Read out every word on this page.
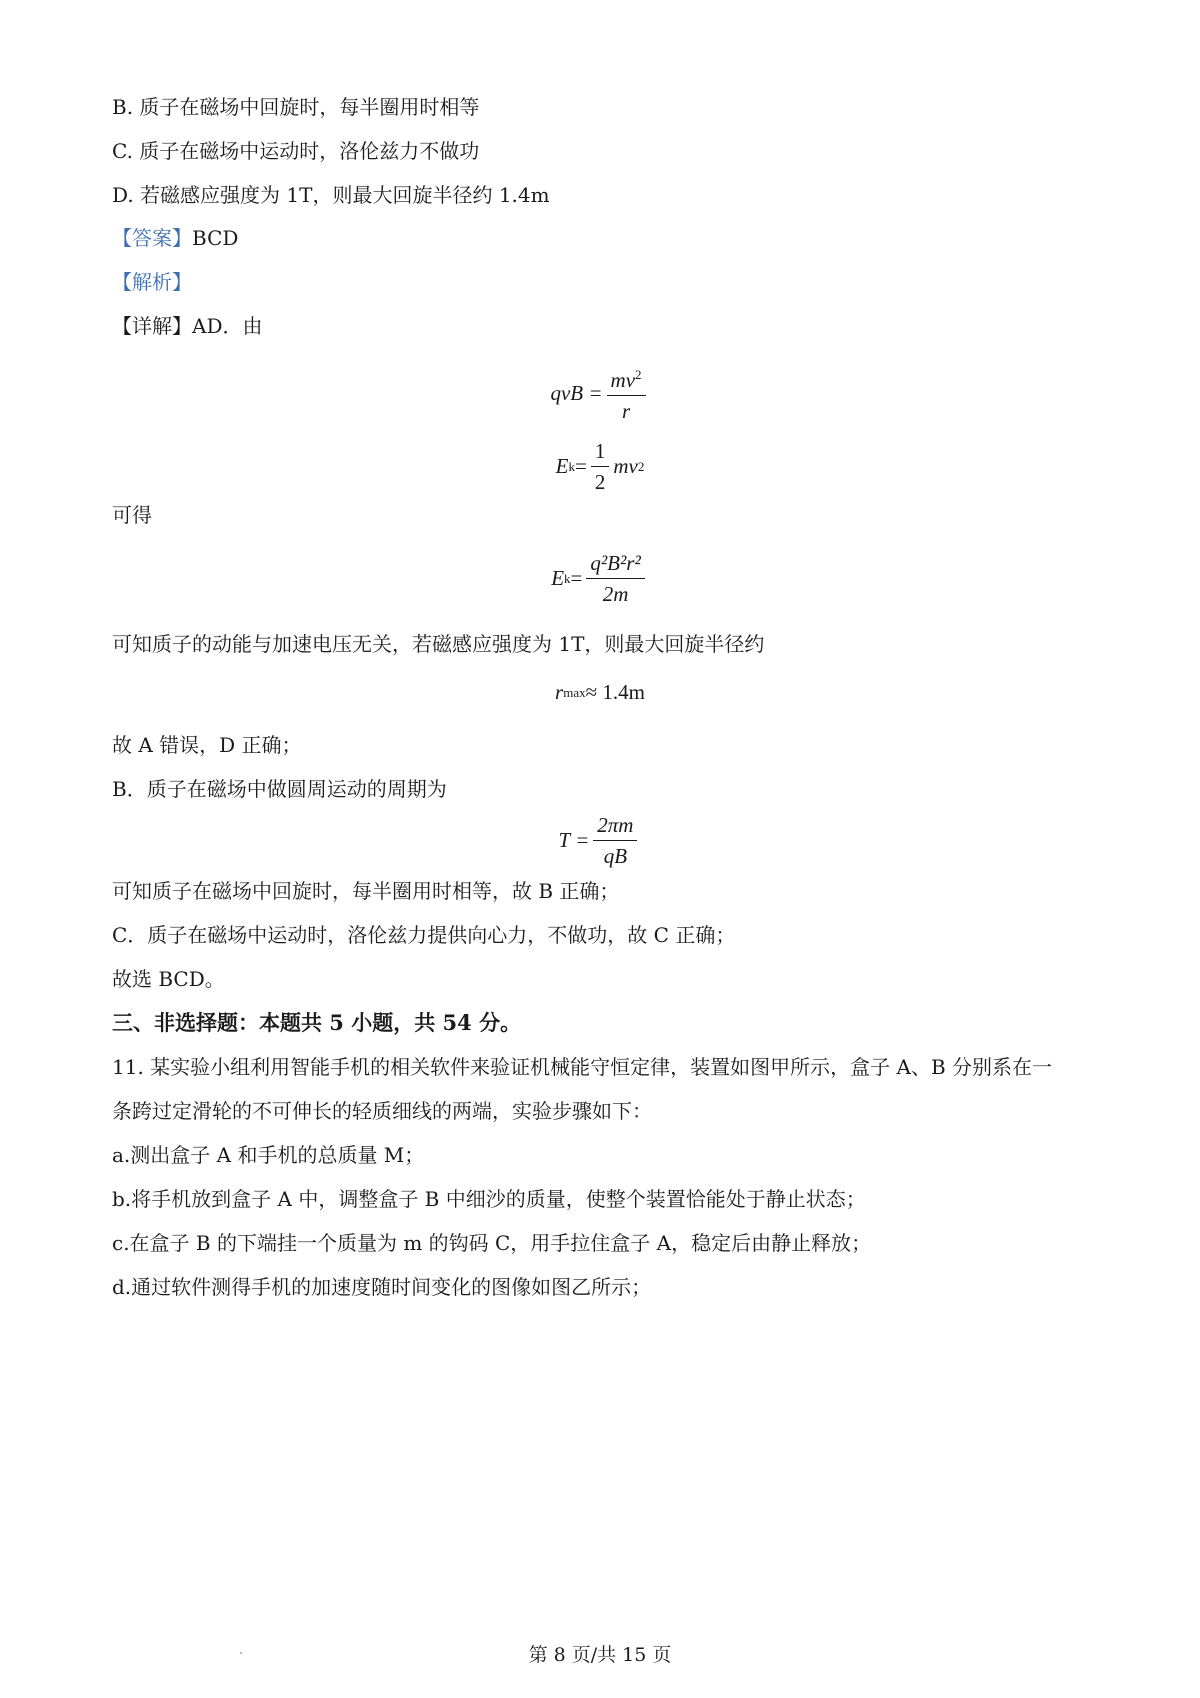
B. 质子在磁场中回旋时，每半圈用时相等
C. 质子在磁场中运动时，洛伦兹力不做功
D. 若磁感应强度为 1T，则最大回旋半径约 1.4m
【答案】BCD
【解析】
【详解】AD．由
qvB = $\frac{mv^2}{r}$
E $k = \frac{1}{2}$ mv 2
可得
E $k = \frac{\text{q²B²r²}}{2m}$
可知质子的动能与加速电压无关，若磁感应强度为 1T，则最大回旋半径约
r max ≈ 1.4m
故 A 错误，D 正确；
B．质子在磁场中做圆周运动的周期为
$T = \frac{2\pi m}{qB}$
可知质子在磁场中回旋时，每半圈用时相等，故 B 正确；
C．质子在磁场中运动时，洛伦兹力提供向心力，不做功，故 C 正确；
故选 BCD。
三、非选择题：本题共 5 小题，共 54 分。
11. 某实验小组利用智能手机的相关软件来验证机械能守恒定律，装置如图甲所示，盒子 A、B 分别系在一
条跨过定滑轮的不可伸长的轻质细线的两端，实验步骤如下：
a.测出盒子 A 和手机的总质量 M；
b.将手机放到盒子 A 中，调整盒子 B 中细沙的质量，使整个装置恰能处于静止状态；
c.在盒子 B 的下端挂一个质量为 m 的钩码 C，用手拉住盒子 A，稳定后由静止释放；
d.通过软件测得手机的加速度随时间变化的图像如图乙所示；
第 8 页/共 15 页
